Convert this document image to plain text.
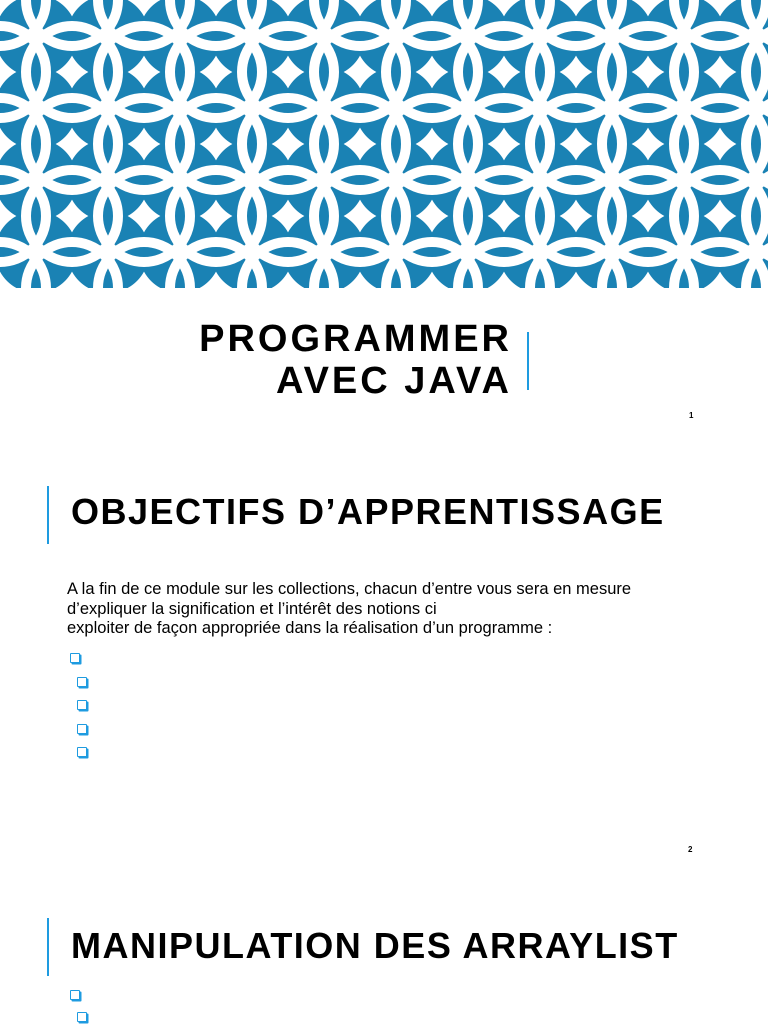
PROGRAMMER
AVEC JAVA
1
OBJECTIFS D’APPRENTISSAGE
A la fin de ce module sur les collections, chacun d’entre vous sera en mesure
d’expliquer la signification et l’intérêt des notions ci
exploiter de façon appropriée dans la réalisation d’un programme :
2
MANIPULATION DES ARRAYLIST
